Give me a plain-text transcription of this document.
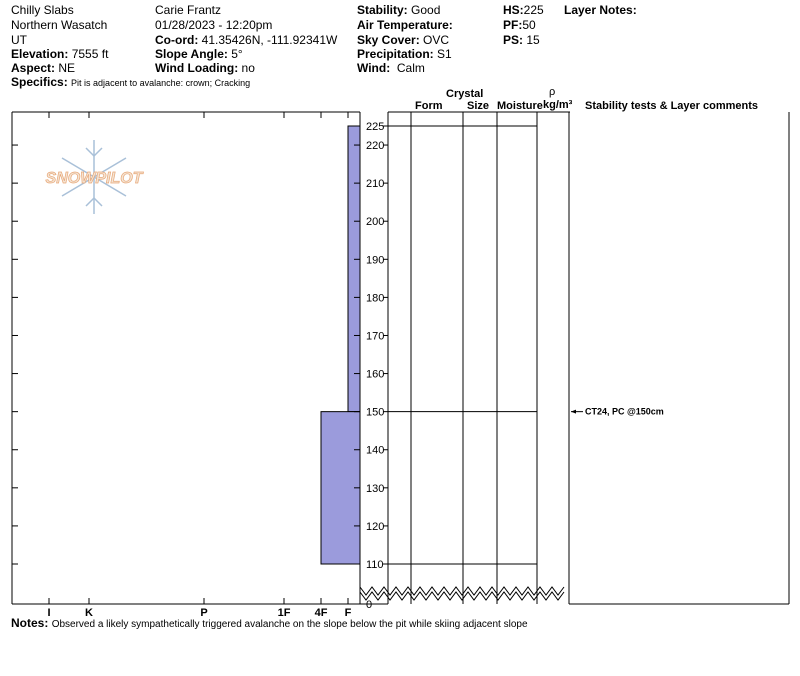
Chilly Slabs
Northern Wasatch
UT
Elevation: 7555 ft
Aspect: NE
Specifics: Pit is adjacent to avalanche: crown; Cracking
Carie Frantz
01/28/2023 - 12:20pm
Co-ord: 41.35426N, -111.92341W
Slope Angle: 5°
Wind Loading: no
Stability: Good
Air Temperature:
Sky Cover: OVC
Precipitation: S1
Wind: Calm
HS:225
PF:50
PS: 15
Layer Notes:
Crystal
Form Size Moisture
ρ
kg/m³ Stability tests & Layer comments
SNOWPILOT
I	K	P	1F 4F F
225
220
210
200
190
180
170
160
150
140
130
120
110
0
CT24, PC @150cm
Notes: Observed a likely sympathetically triggered avalanche on the slope below the pit while skiing adjacent slope
